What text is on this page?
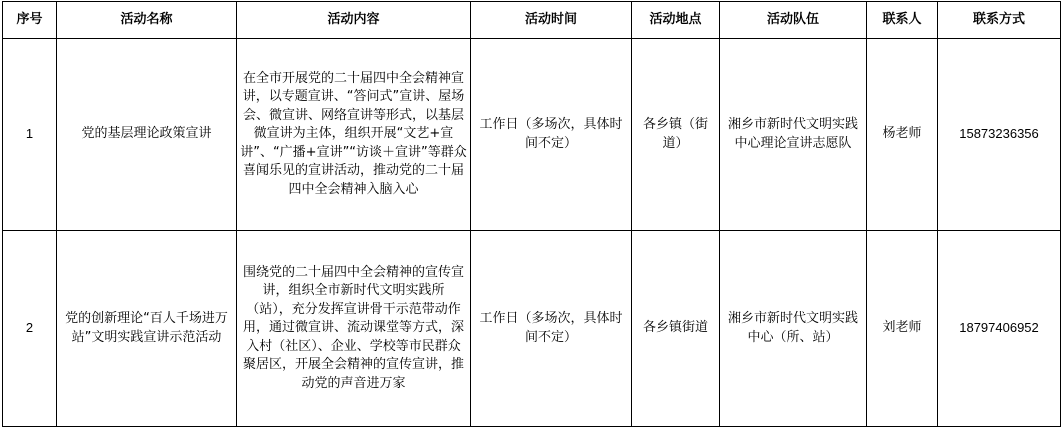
序号	活动名称	活动内容	活动时间	活动地点	活动队伍	联系人	联系方式
1	党的基层理论政策宣讲	在全市开展党的二十届四中全会精神宣讲，以专题宣讲、“答问式”宣讲、屋场会、微宣讲、网络宣讲等形式，以基层微宣讲为主体，组织开展“文艺+宣讲”、“广播+宣讲”“访谈＋宣讲”等群众喜闻乐见的宣讲活动，推动党的二十届四中全会精神入脑入心	工作日（多场次，具体时间不定）	各乡镇（街道）	湘乡市新时代文明实践中心理论宣讲志愿队	杨老师	15873236356
2	党的创新理论“百人千场进万站”文明实践宣讲示范活动	围绕党的二十届四中全会精神的宣传宣讲，组织全市新时代文明实践所（站），充分发挥宣讲骨干示范带动作用，通过微宣讲、流动课堂等方式，深入村（社区）、企业、学校等市民群众聚居区，开展全会精神的宣传宣讲，推动党的声音进万家	工作日（多场次，具体时间不定）	各乡镇街道	湘乡市新时代文明实践中心（所、站）	刘老师	18797406952
